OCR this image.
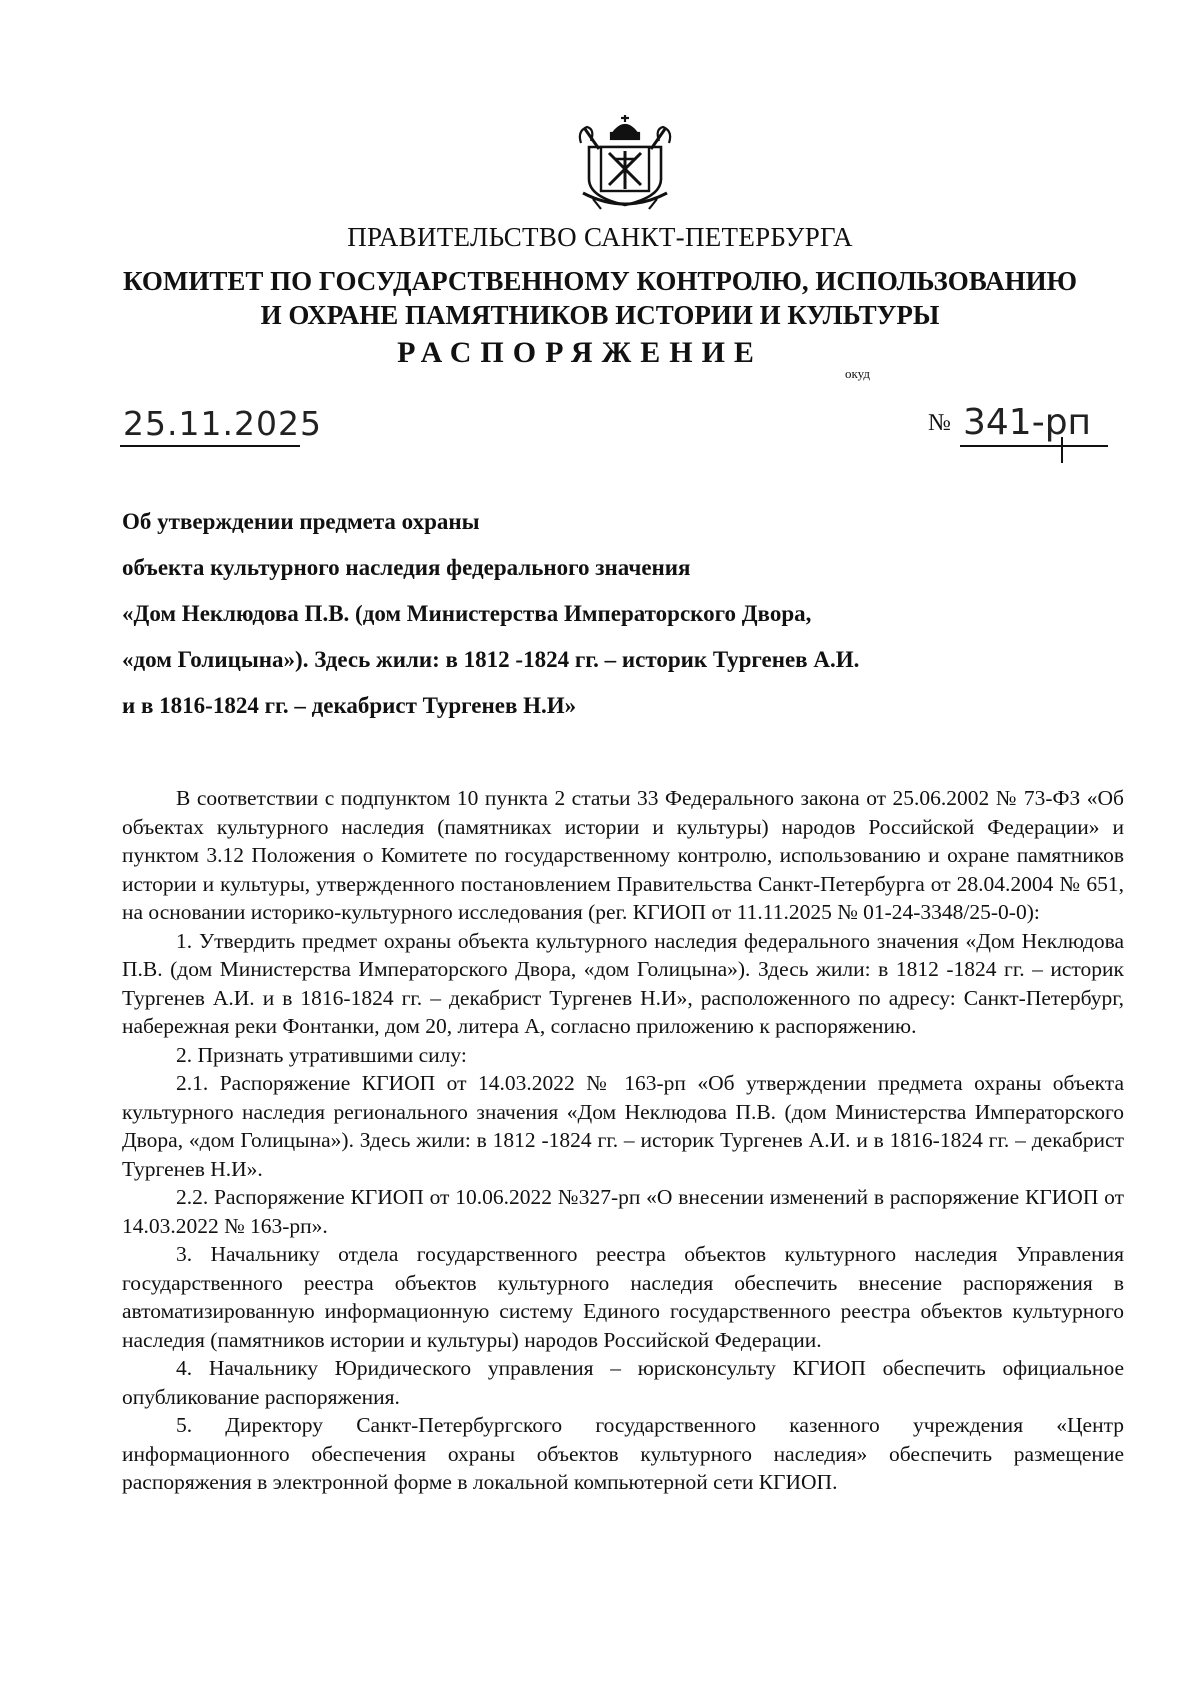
ПРАВИТЕЛЬСТВО САНКТ-ПЕТЕРБУРГА
КОМИТЕТ ПО ГОСУДАРСТВЕННОМУ КОНТРОЛЮ, ИСПОЛЬЗОВАНИЮ
И ОХРАНЕ ПАМЯТНИКОВ ИСТОРИИ И КУЛЬТУРЫ
РАСПОРЯЖЕНИЕ
окуд
25.11.2025	№ 341-рп
Об утверждении предмета охраны
объекта культурного наследия федерального значения
«Дом Неклюдова П.В. (дом Министерства Императорского Двора,
«дом Голицына»). Здесь жили: в 1812 -1824 гг. – историк Тургенев А.И.
и в 1816-1824 гг. – декабрист Тургенев Н.И»

В соответствии с подпунктом 10 пункта 2 статьи 33 Федерального закона от 25.06.2002 № 73-ФЗ «Об объектах культурного наследия (памятниках истории и культуры) народов Российской Федерации» и пунктом 3.12 Положения о Комитете по государственному контролю, использованию и охране памятников истории и культуры, утвержденного постановлением Правительства Санкт-Петербурга от 28.04.2004 № 651, на основании историко-культурного исследования (рег. КГИОП от 11.11.2025 № 01-24-3348/25-0-0):

1. Утвердить предмет охраны объекта культурного наследия федерального значения «Дом Неклюдова П.В. (дом Министерства Императорского Двора, «дом Голицына»). Здесь жили: в 1812 -1824 гг. – историк Тургенев А.И. и в 1816-1824 гг. – декабрист Тургенев Н.И», расположенного по адресу: Санкт-Петербург, набережная реки Фонтанки, дом 20, литера А, согласно приложению к распоряжению.

2. Признать утратившими силу:

2.1. Распоряжение КГИОП от 14.03.2022 № 163-рп «Об утверждении предмета охраны объекта культурного наследия регионального значения «Дом Неклюдова П.В. (дом Министерства Императорского Двора, «дом Голицына»). Здесь жили: в 1812 -1824 гг. – историк Тургенев А.И. и в 1816-1824 гг. – декабрист Тургенев Н.И».

2.2. Распоряжение КГИОП от 10.06.2022 №327-рп «О внесении изменений в распоряжение КГИОП от 14.03.2022 № 163-рп».

3. Начальнику отдела государственного реестра объектов культурного наследия Управления государственного реестра объектов культурного наследия обеспечить внесение распоряжения в автоматизированную информационную систему Единого государственного реестра объектов культурного наследия (памятников истории и культуры) народов Российской Федерации.

4. Начальнику Юридического управления – юрисконсульту КГИОП обеспечить официальное опубликование распоряжения.

5. Директору Санкт-Петербургского государственного казенного учреждения «Центр информационного обеспечения охраны объектов культурного наследия» обеспечить размещение распоряжения в электронной форме в локальной компьютерной сети КГИОП.
